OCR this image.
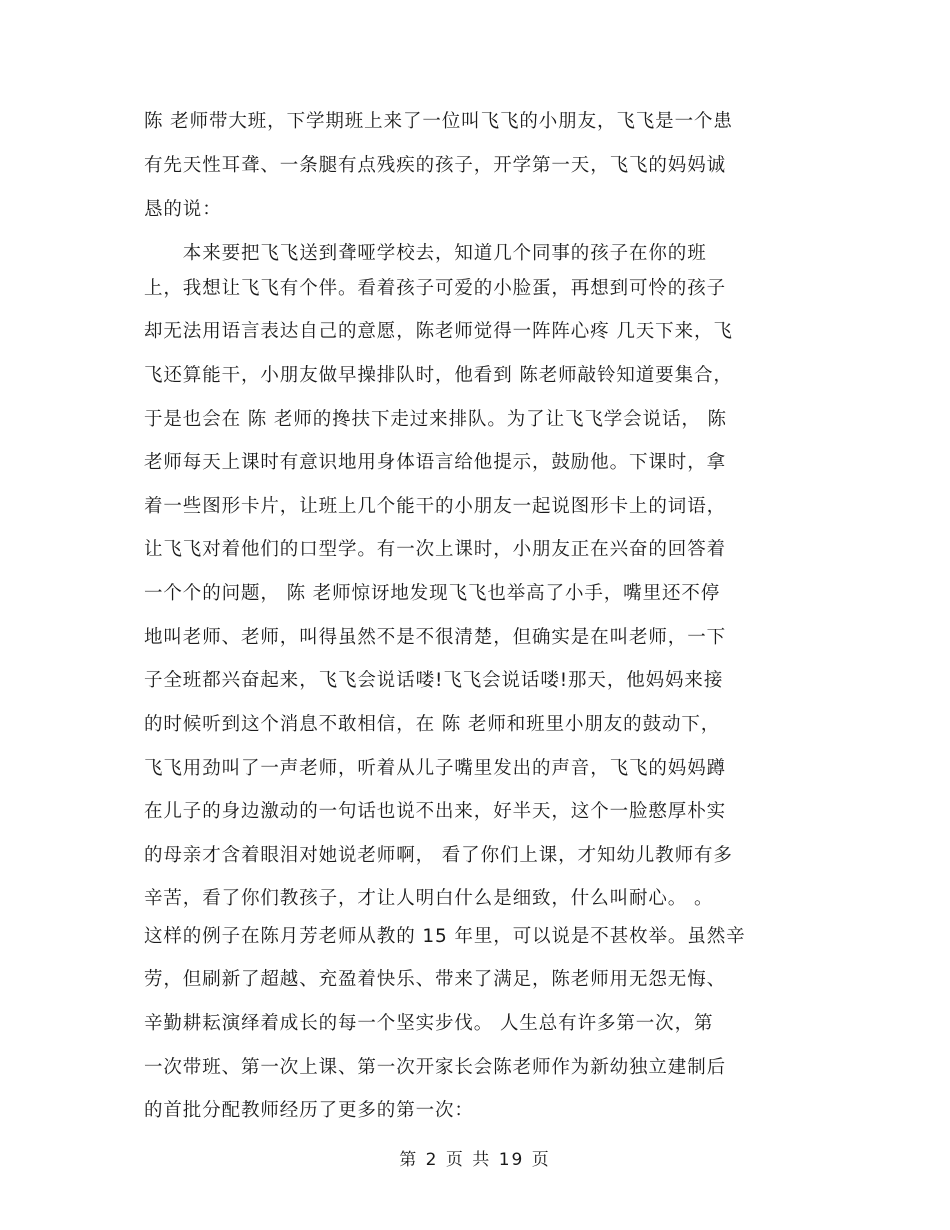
陈 老师带大班，下学期班上来了一位叫飞飞的小朋友，飞飞是一个患
有先天性耳聋、一条腿有点残疾的孩子，开学第一天，飞飞的妈妈诚
恳的说：
　　本来要把飞飞送到聋哑学校去，知道几个同事的孩子在你的班
上，我想让飞飞有个伴。看着孩子可爱的小脸蛋，再想到可怜的孩子
却无法用语言表达自己的意愿，陈老师觉得一阵阵心疼 几天下来，飞
飞还算能干，小朋友做早操排队时，他看到 陈老师敲铃知道要集合，
于是也会在 陈 老师的搀扶下走过来排队。为了让飞飞学会说话， 陈
老师每天上课时有意识地用身体语言给他提示，鼓励他。下课时，拿
着一些图形卡片，让班上几个能干的小朋友一起说图形卡上的词语，
让飞飞对着他们的口型学。有一次上课时，小朋友正在兴奋的回答着
一个个的问题， 陈 老师惊讶地发现飞飞也举高了小手，嘴里还不停
地叫老师、老师，叫得虽然不是不很清楚，但确实是在叫老师，一下
子全班都兴奋起来，飞飞会说话喽!飞飞会说话喽!那天，他妈妈来接
的时候听到这个消息不敢相信，在 陈 老师和班里小朋友的鼓动下，
飞飞用劲叫了一声老师，听着从儿子嘴里发出的声音，飞飞的妈妈蹲
在儿子的身边激动的一句话也说不出来，好半天，这个一脸憨厚朴实
的母亲才含着眼泪对她说老师啊， 看了你们上课，才知幼儿教师有多
辛苦，看了你们教孩子，才让人明白什么是细致，什么叫耐心。 。
这样的例子在陈月芳老师从教的 15 年里，可以说是不甚枚举。虽然辛
劳，但刷新了超越、充盈着快乐、带来了满足，陈老师用无怨无悔、
辛勤耕耘演绎着成长的每一个坚实步伐。 人生总有许多第一次，第
一次带班、第一次上课、第一次开家长会陈老师作为新幼独立建制后
的首批分配教师经历了更多的第一次：
第 2 页 共 19 页
